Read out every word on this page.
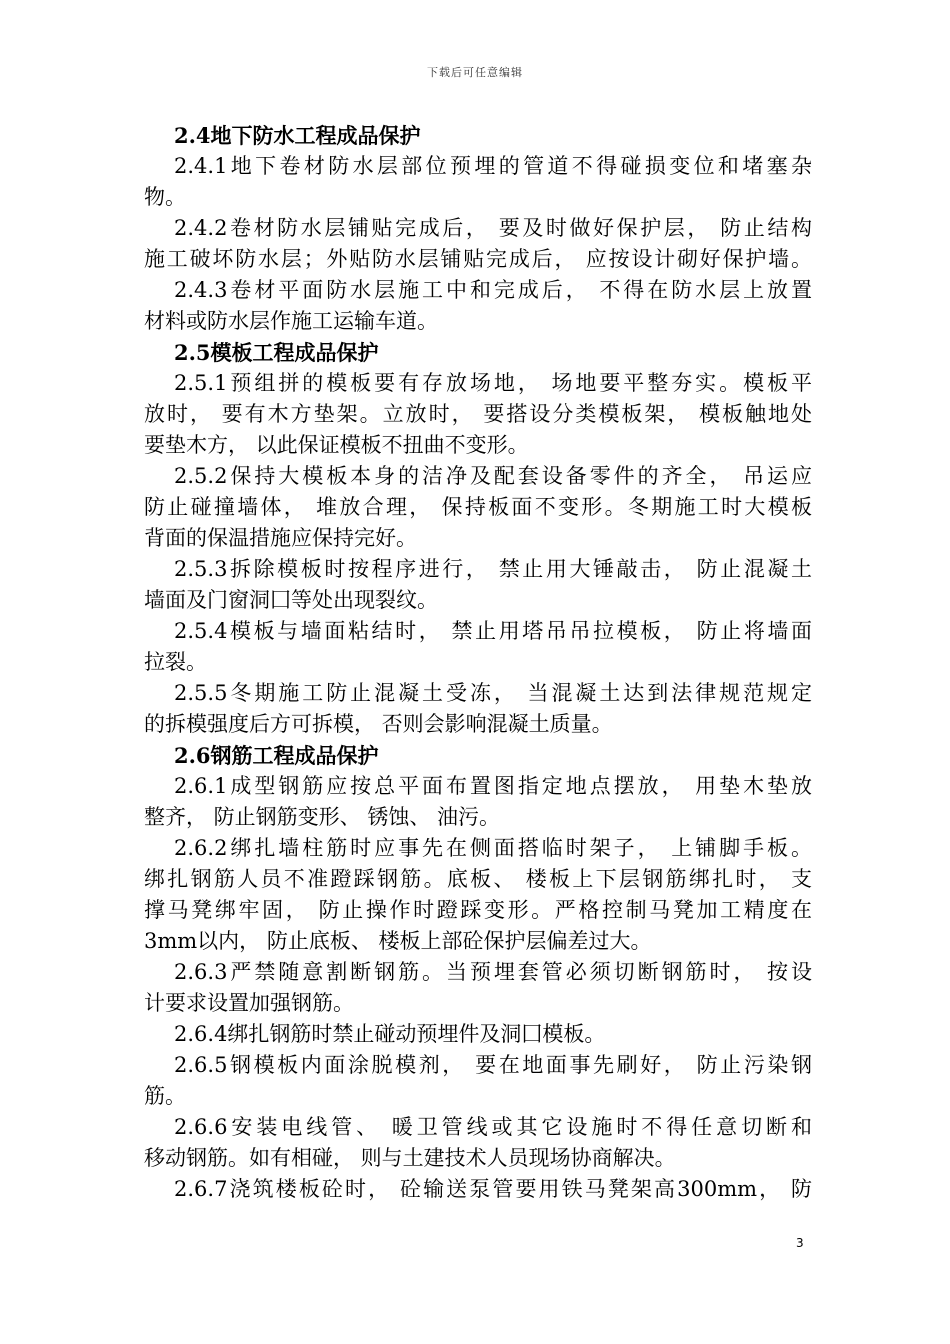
下载后可任意编辑
2.4地下防水工程成品保护
2.4.1地下卷材防水层部位预埋的管道不得碰损变位和堵塞杂
物。
2.4.2卷材防水层铺贴完成后， 要及时做好保护层， 防止结构
施工破坏防水层；外贴防水层铺贴完成后， 应按设计砌好保护墙。
2.4.3卷材平面防水层施工中和完成后， 不得在防水层上放置
材料或防水层作施工运输车道。
2.5模板工程成品保护
2.5.1预组拼的模板要有存放场地， 场地要平整夯实。模板平
放时， 要有木方垫架。立放时， 要搭设分类模板架， 模板触地处
要垫木方， 以此保证模板不扭曲不变形。
2.5.2保持大模板本身的洁净及配套设备零件的齐全， 吊运应
防止碰撞墙体， 堆放合理， 保持板面不变形。冬期施工时大模板
背面的保温措施应保持完好。
2.5.3拆除模板时按程序进行， 禁止用大锤敲击， 防止混凝土
墙面及门窗洞囗等处出现裂纹。
2.5.4模板与墙面粘结时， 禁止用塔吊吊拉模板， 防止将墙面
拉裂。
2.5.5冬期施工防止混凝土受冻， 当混凝土达到法律规范规定
的拆模强度后方可拆模， 否则会影响混凝土质量。
2.6钢筋工程成品保护
2.6.1成型钢筋应按总平面布置图指定地点摆放， 用垫木垫放
整齐， 防止钢筋变形、 锈蚀、 油污。
2.6.2绑扎墙柱筋时应事先在侧面搭临时架子， 上铺脚手板。
绑扎钢筋人员不准蹬踩钢筋。底板、 楼板上下层钢筋绑扎时， 支
撑马凳绑牢固， 防止操作时蹬踩变形。严格控制马凳加工精度在
3mm以内， 防止底板、 楼板上部砼保护层偏差过大。
2.6.3严禁随意割断钢筋。当预埋套管必须切断钢筋时， 按设
计要求设置加强钢筋。
2.6.4绑扎钢筋时禁止碰动预埋件及洞囗模板。
2.6.5钢模板内面涂脱模剂， 要在地面事先刷好， 防止污染钢
筋。
2.6.6安装电线管、 暖卫管线或其它设施时不得任意切断和
移动钢筋。如有相碰， 则与土建技术人员现场协商解决。
2.6.7浇筑楼板砼时， 砼输送泵管要用铁马凳架高300mm， 防
3
